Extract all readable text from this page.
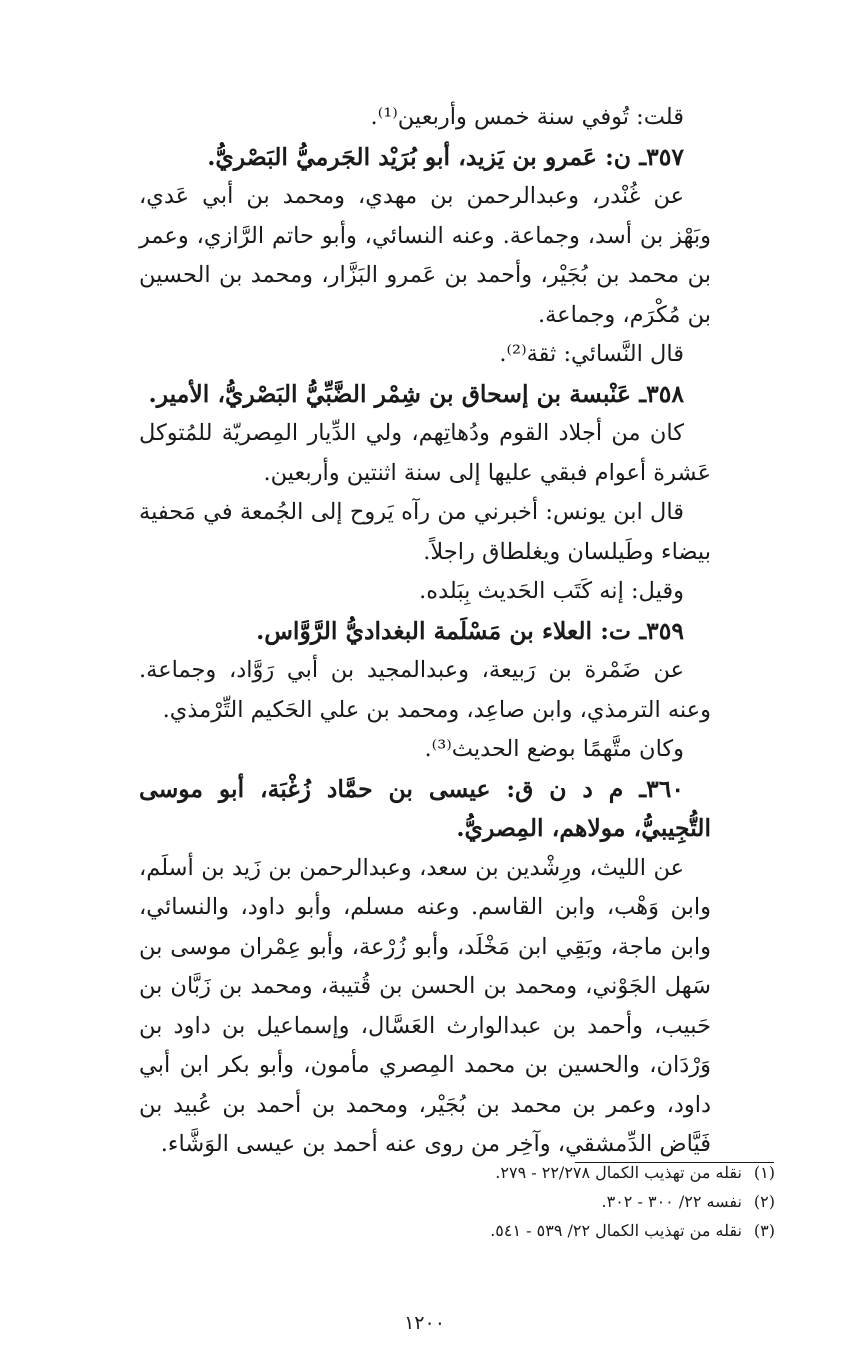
قلت: تُوفي سنة خمس وأربعين⁽¹⁾.

٣٥٧ـ ن: عَمرو بن يَزيد، أبو بُرَيْد الجَرميُّ البَصْريُّ.

عن غُنْدر، وعبدالرحمن بن مهدي، ومحمد بن أبي عَدي، وبَهْز بن أسد، وجماعة. وعنه النسائي، وأبو حاتم الرَّازي، وعمر بن محمد بن بُجَيْر، وأحمد بن عَمرو البَزَّار، ومحمد بن الحسين بن مُكْرَم، وجماعة.

قال النَّسائي: ثقة⁽²⁾.

٣٥٨ـ عَنْبسة بن إسحاق بن شِمْر الضَّبِّيُّ البَصْريُّ، الأمير.

كان من أجلاد القوم ودُهاتِهم، ولي الدِّيار المِصريّة للمُتوكل عَشرة أعوام فبقي عليها إلى سنة اثنتين وأربعين.

قال ابن يونس: أخبرني من رآه يَروح إلى الجُمعة في مَحفية بيضاء وطَيلسان ويغلطاق راجلاً.

وقيل: إنه كَتَب الحَديث بِبَلده.

٣٥٩ـ ت: العلاء بن مَسْلَمة البغداديُّ الرَّوَّاس.

عن ضَمْرة بن رَبيعة، وعبدالمجيد بن أبي رَوَّاد، وجماعة. وعنه الترمذي، وابن صاعِد، ومحمد بن علي الحَكيم التِّرْمذي.

وكان متَّهمًا بوضع الحديث⁽³⁾.

٣٦٠ـ م د ن ق: عيسى بن حمَّاد زُغْبَة، أبو موسى التُّجِيبيُّ، مولاهم، المِصريُّ.

عن الليث، ورِشْدين بن سعد، وعبدالرحمن بن زَيد بن أسلَم، وابن وَهْب، وابن القاسم. وعنه مسلم، وأبو داود، والنسائي، وابن ماجة، وبَقِي ابن مَخْلَد، وأبو زُرْعة، وأبو عِمْران موسى بن سَهل الجَوْني، ومحمد بن الحسن بن قُتيبة، ومحمد بن زَبَّان بن حَبيب، وأحمد بن عبدالوارث العَسَّال، وإسماعيل بن داود بن وَرْدَان، والحسين بن محمد المِصري مأمون، وأبو بكر ابن أبي داود، وعمر بن محمد بن بُجَيْر، ومحمد بن أحمد بن عُبيد بن فَيَّاض الدِّمشقي، وآخِر من روى عنه أحمد بن عيسى الوَشَّاء.

(١)نقله من تهذيب الكمال ٢٢/٢٧٨ - ٢٧٩.

(٢)نفسه ٢٢/ ٣٠٠ - ٣٠٢.

(٣)نقله من تهذيب الكمال ٢٢/ ٥٣٩ - ٥٤١.

١٢٠٠
